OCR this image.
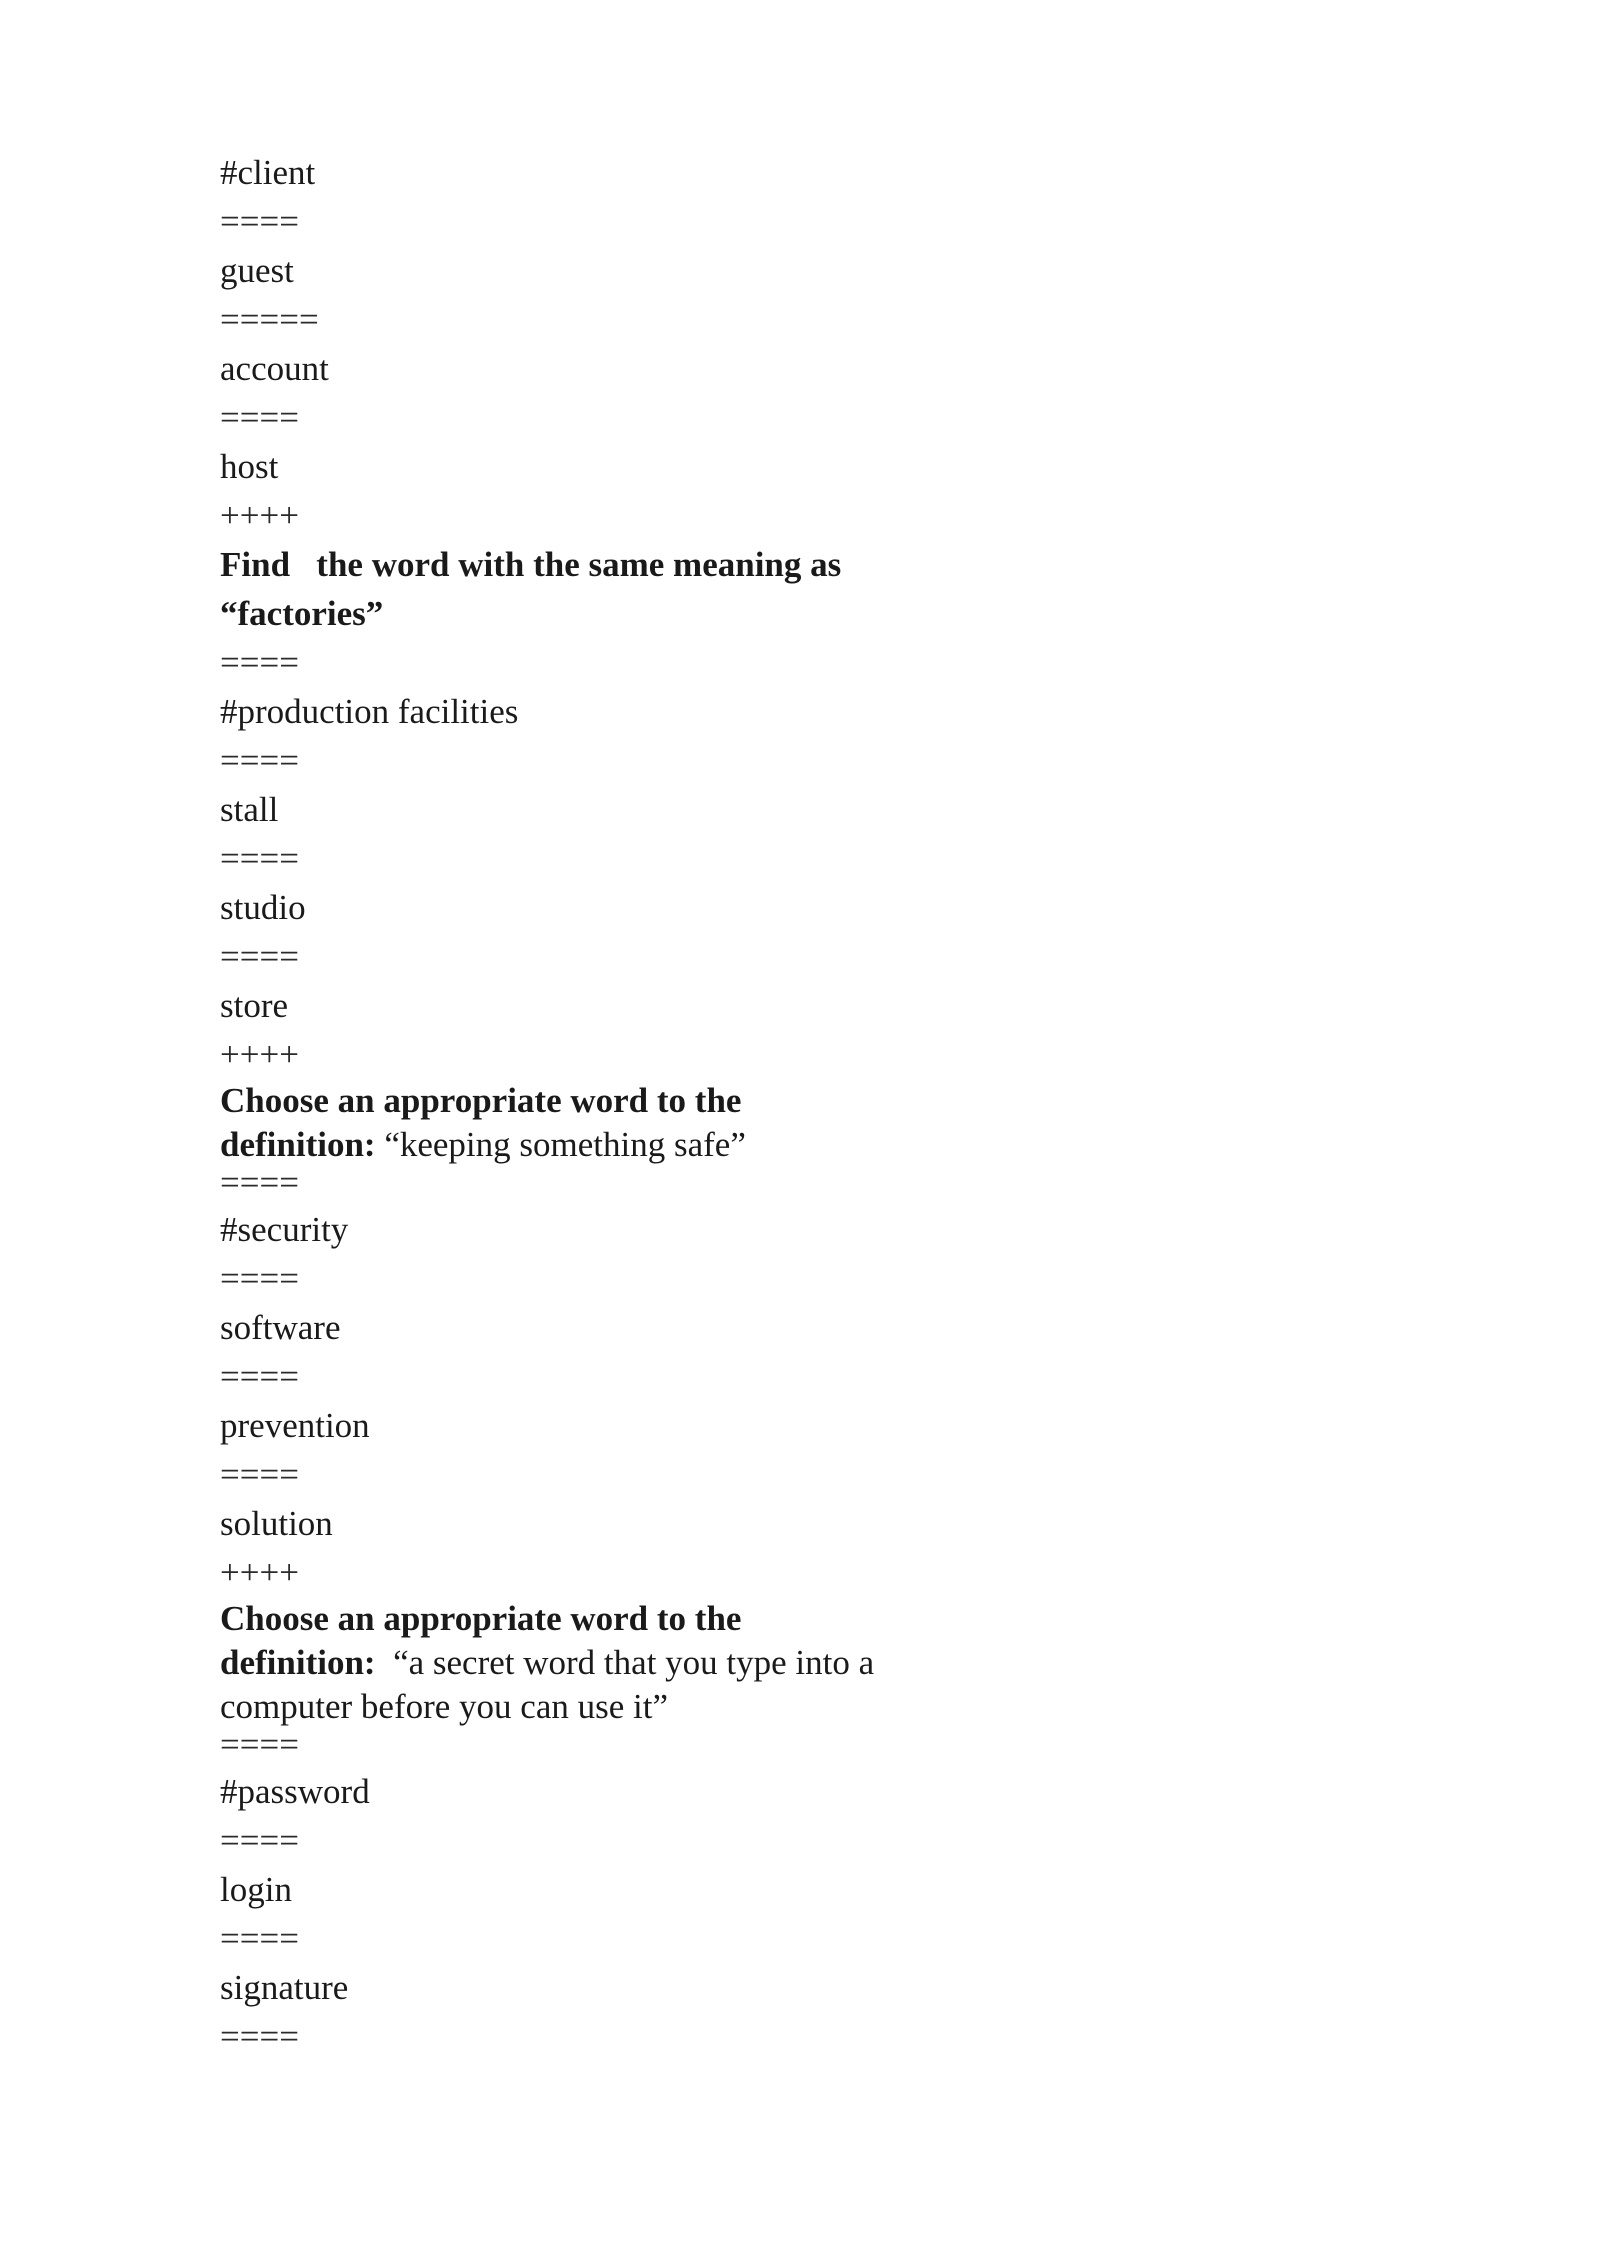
#client
====
guest
=====
account
====
host
++++
Find   the word with the same meaning as
“factories”
====
#production facilities
====
stall
====
studio
====
store
++++
Choose an appropriate word to the
definition: “keeping something safe”
====
#security
====
software
====
prevention
====
solution
++++
Choose an appropriate word to the
definition:  “a secret word that you type into a
computer before you can use it”
====
#password
====
login
====
signature
====
